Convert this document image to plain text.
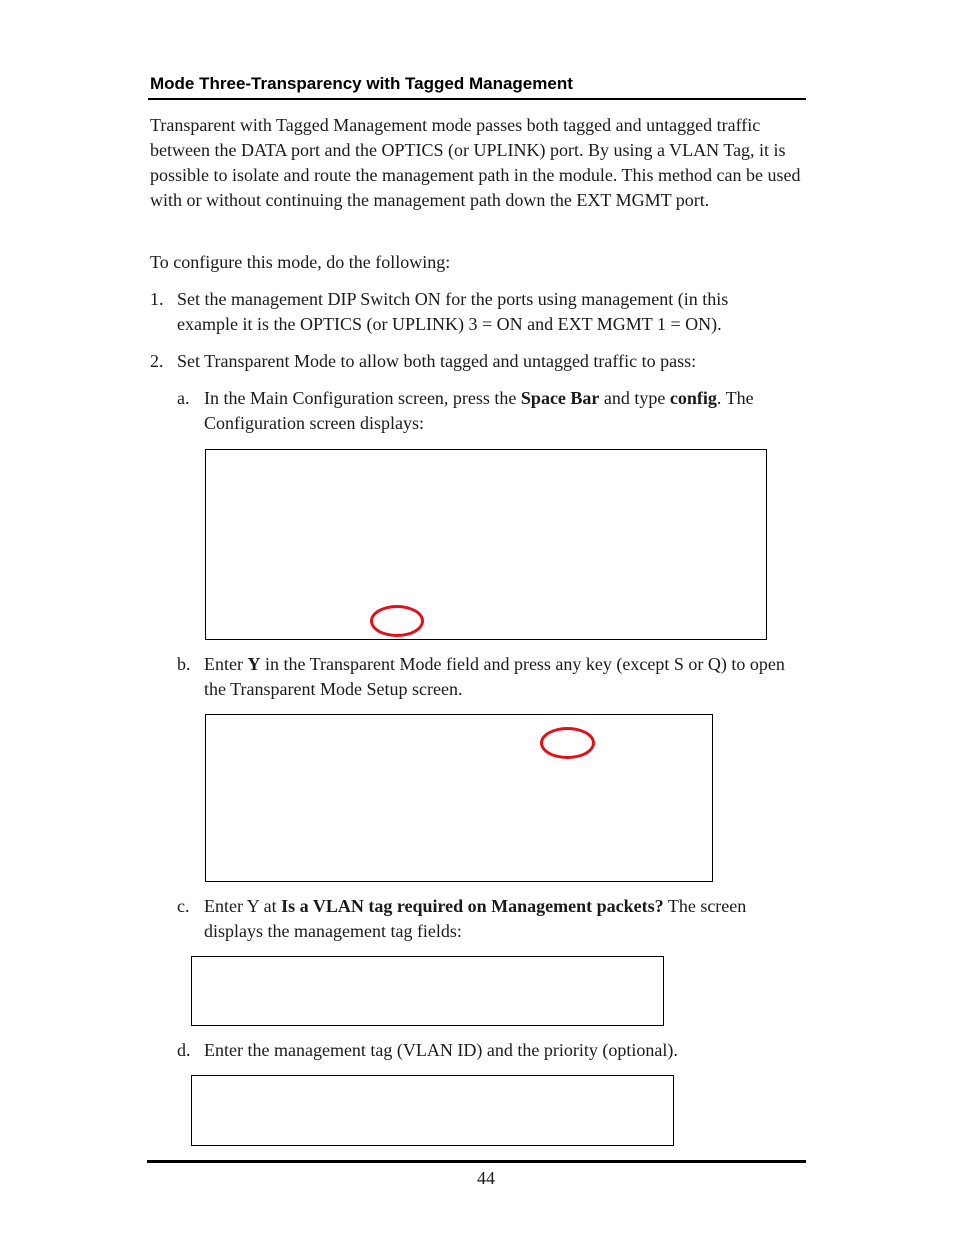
Mode Three-Transparency with Tagged Management
Transparent with Tagged Management mode passes both tagged and untagged traffic between the DATA port and the OPTICS (or UPLINK) port. By using a VLAN Tag, it is possible to isolate and route the management path in the module. This method can be used with or without continuing the management path down the EXT MGMT port.
To configure this mode, do the following:
1. Set the management DIP Switch ON for the ports using management (in this example it is the OPTICS (or UPLINK) 3 = ON and EXT MGMT 1 = ON).
2. Set Transparent Mode to allow both tagged and untagged traffic to pass:
a. In the Main Configuration screen, press the Space Bar and type config. The Configuration screen displays:
b. Enter Y in the Transparent Mode field and press any key (except S or Q) to open the Transparent Mode Setup screen.
c. Enter Y at Is a VLAN tag required on Management packets? The screen displays the management tag fields:
d. Enter the management tag (VLAN ID) and the priority (optional).
44
